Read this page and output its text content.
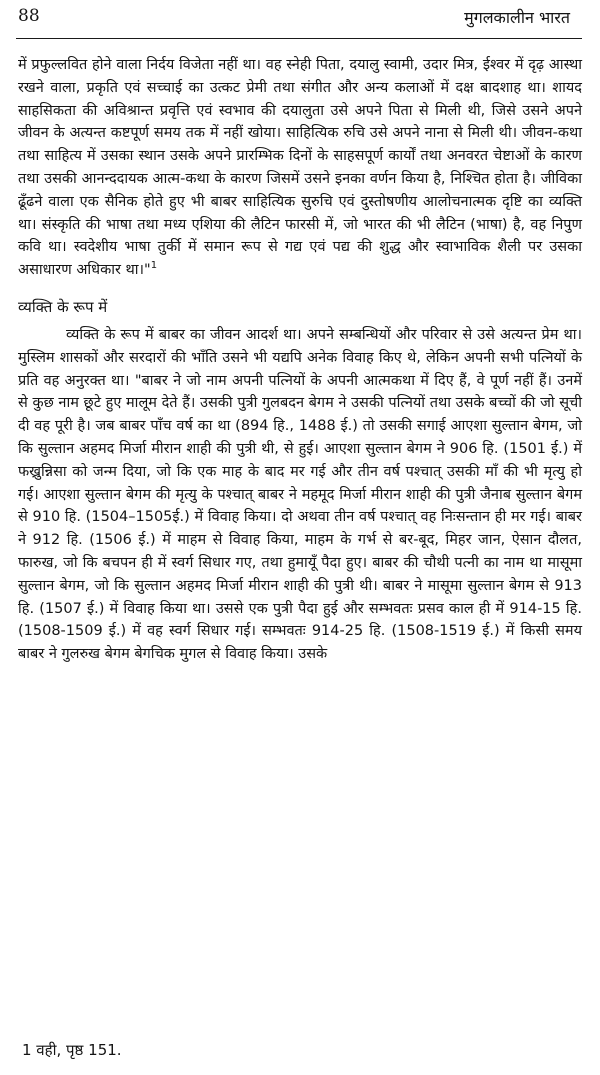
88	मुगलकालीन भारत

में प्रफुल्लवित होने वाला निर्दय विजेता नहीं था। वह स्नेही पिता, दयालु स्वामी, उदार मित्र, ईश्वर में दृढ़ आस्था रखने वाला, प्रकृति एवं सच्चाई का उत्कट प्रेमी तथा संगीत और अन्य कलाओं में दक्ष बादशाह था। शायद साहसिकता की अविश्रान्त प्रवृत्ति एवं स्वभाव की दयालुता उसे अपने पिता से मिली थी, जिसे उसने अपने जीवन के अत्यन्त कष्टपूर्ण समय तक में नहीं खोया। साहित्यिक रुचि उसे अपने नाना से मिली थी। जीवन-कथा तथा साहित्य में उसका स्थान उसके अपने प्रारम्भिक दिनों के साहसपूर्ण कार्यों तथा अनवरत चेष्टाओं के कारण तथा उसकी आनन्ददायक आत्म-कथा के कारण जिसमें उसने इनका वर्णन किया है, निश्चित होता है। जीविका ढूँढने वाला एक सैनिक होते हुए भी बाबर साहित्यिक सुरुचि एवं दुस्तोषणीय आलोचनात्मक दृष्टि का व्यक्ति था। संस्कृति की भाषा तथा मध्य एशिया की लैटिन फारसी में, जो भारत की भी लैटिन (भाषा) है, वह निपुण कवि था। स्वदेशीय भाषा तुर्की में समान रूप से गद्य एवं पद्य की शुद्ध और स्वाभाविक शैली पर उसका असाधारण अधिकार था।"$^1$

व्यक्ति के रूप में

व्यक्ति के रूप में बाबर का जीवन आदर्श था। अपने सम्बन्धियों और परिवार से उसे अत्यन्त प्रेम था। मुस्लिम शासकों और सरदारों की भाँति उसने भी यद्यपि अनेक विवाह किए थे, लेकिन अपनी सभी पत्नियों के प्रति वह अनुरक्त था। "बाबर ने जो नाम अपनी पत्नियों के अपनी आत्मकथा में दिए हैं, वे पूर्ण नहीं हैं। उनमें से कुछ नाम छूटे हुए मालूम देते हैं। उसकी पुत्री गुलबदन बेगम ने उसकी पत्नियों तथा उसके बच्चों की जो सूची दी वह पूरी है। जब बाबर पाँच वर्ष का था (894 हि., 1488 ई.) तो उसकी सगाई आएशा सुल्तान बेगम, जो कि सुल्तान अहमद मिर्जा मीरान शाही की पुत्री थी, से हुई। आएशा सुल्तान बेगम ने 906 हि. (1501 ई.) में फख्रुन्निसा को जन्म दिया, जो कि एक माह के बाद मर गई और तीन वर्ष पश्चात् उसकी माँ की भी मृत्यु हो गई। आएशा सुल्तान बेगम की मृत्यु के पश्चात् बाबर ने महमूद मिर्जा मीरान शाही की पुत्री जैनाब सुल्तान बेगम से 910 हि. (1504–1505ई.) में विवाह किया। दो अथवा तीन वर्ष पश्चात् वह निःसन्तान ही मर गई। बाबर ने 912 हि. (1506 ई.) में माहम से विवाह किया, माहम के गर्भ से बर-बूद, मिहर जान, ऐसान दौलत, फारुख, जो कि बचपन ही में स्वर्ग सिधार गए, तथा हुमायूँ पैदा हुए। बाबर की चौथी पत्नी का नाम था मासूमा सुल्तान बेगम, जो कि सुल्तान अहमद मिर्जा मीरान शाही की पुत्री थी। बाबर ने मासूमा सुल्तान बेगम से 913 हि. (1507 ई.) में विवाह किया था। उससे एक पुत्री पैदा हुई और सम्भवतः प्रसव काल ही में 914-15 हि. (1508-1509 ई.) में वह स्वर्ग सिधार गई। सम्भवतः 914-25 हि. (1508-1519 ई.) में किसी समय बाबर ने गुलरुख बेगम बेगचिक मुगल से विवाह किया। उसके

1 वही, पृष्ठ 151.
